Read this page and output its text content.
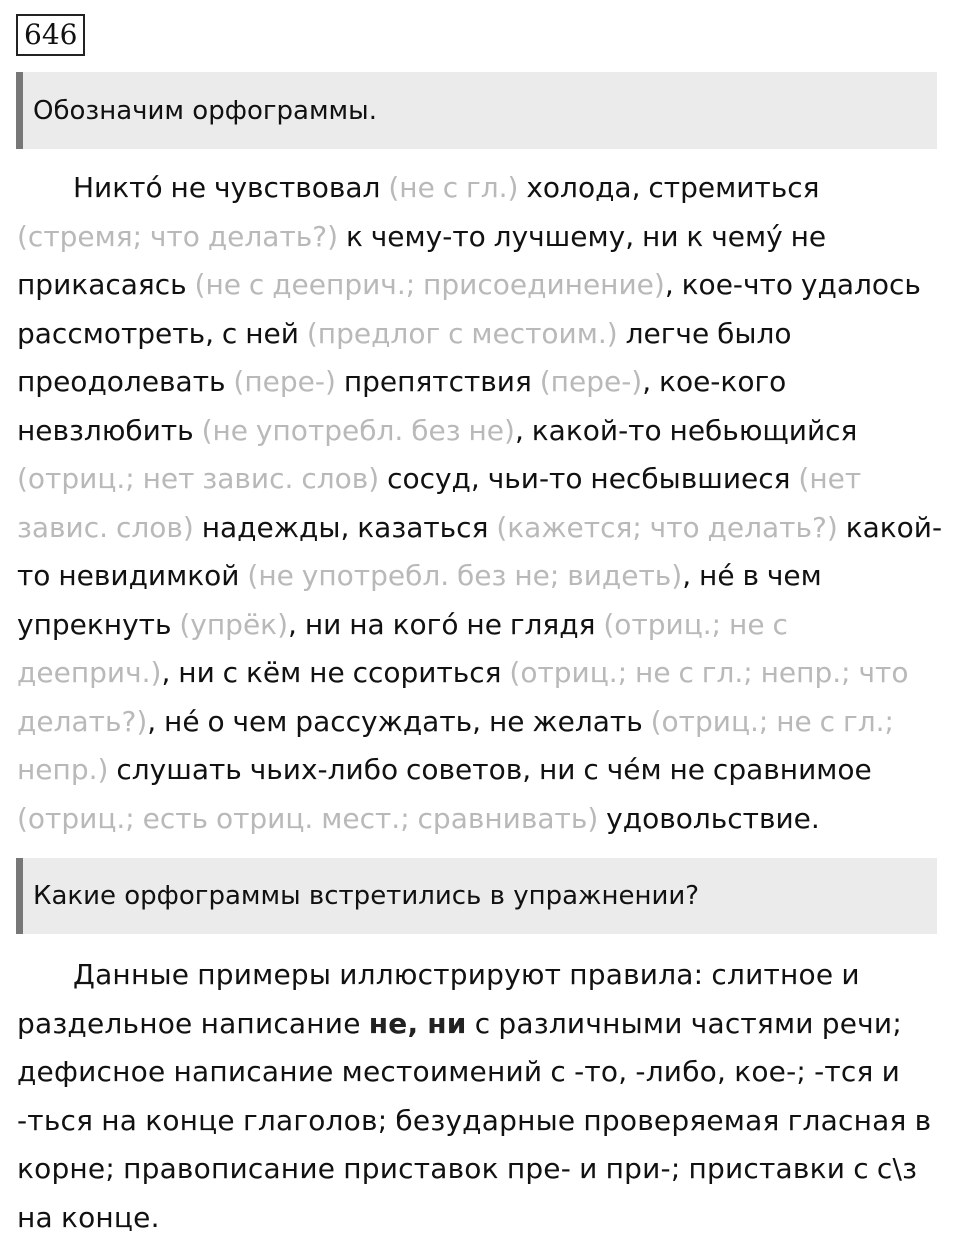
646
Обозначим орфограммы.
Никтó не чувствовал (не с гл.) холода, стремиться (стремя; что делать?) к чему-то лучшему, ни к чемý не прикасаясь (не с дееприч.; присоединение), кое-что удалось рассмотреть, с ней (предлог с местоим.) легче было преодолевать (пере-) препятствия (пере-), кое-кого невзлюбить (не употребл. без не), какой-то небьющийся (отриц.; нет завис. слов) сосуд, чьи-то несбывшиеся (нет завис. слов) надежды, казаться (кажется; что делать?) какой-то невидимкой (не употребл. без не; видеть), нé в чем упрекнуть (упрёк), ни на когó не глядя (отриц.; не с дееприч.), ни с кём не ссориться (отриц.; не с гл.; непр.; что делать?), нé о чем рассуждать, не желать (отриц.; не с гл.; непр.) слушать чьих-либо советов, ни с чéм не сравнимое (отриц.; есть отриц. мест.; сравнивать) удовольствие.
Какие орфограммы встретились в упражнении?
Данные примеры иллюстрируют правила: слитное и раздельное написание не, ни с различными частями речи; дефисное написание местоимений с -то, -либо, кое-; -тся и -ться на конце глаголов; безударные проверяемая гласная в корне; правописание приставок пре- и при-; приставки с с\з на конце.
